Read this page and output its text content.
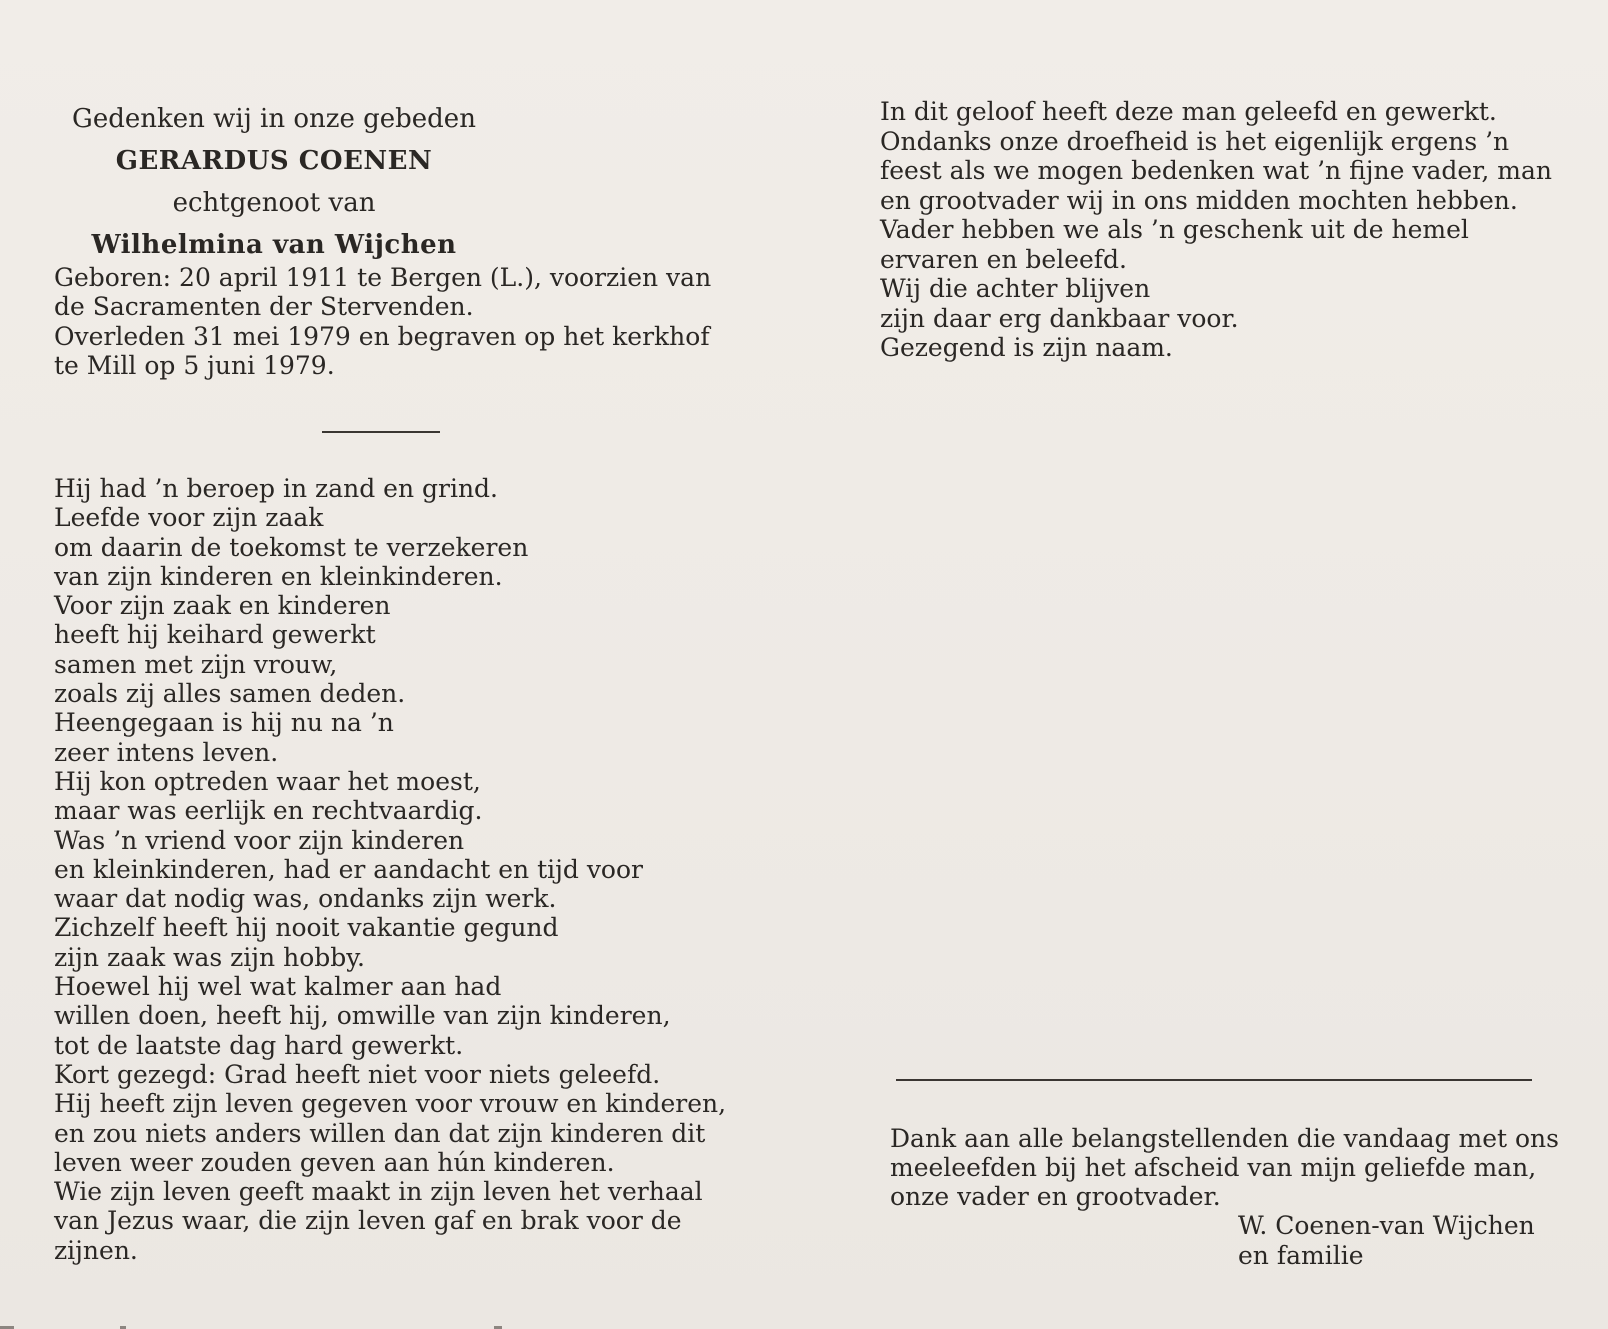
Gedenken wij in onze gebeden
GERARDUS COENEN
echtgenoot van
Wilhelmina van Wijchen
Geboren: 20 april 1911 te Bergen (L.), voorzien van
de Sacramenten der Stervenden.
Overleden 31 mei 1979 en begraven op het kerkhof
te Mill op 5 juni 1979.
Hij had ’n beroep in zand en grind.
Leefde voor zijn zaak
om daarin de toekomst te verzekeren
van zijn kinderen en kleinkinderen.
Voor zijn zaak en kinderen
heeft hij keihard gewerkt
samen met zijn vrouw,
zoals zij alles samen deden.
Heengegaan is hij nu na ’n
zeer intens leven.
Hij kon optreden waar het moest,
maar was eerlijk en rechtvaardig.
Was ’n vriend voor zijn kinderen
en kleinkinderen, had er aandacht en tijd voor
waar dat nodig was, ondanks zijn werk.
Zichzelf heeft hij nooit vakantie gegund
zijn zaak was zijn hobby.
Hoewel hij wel wat kalmer aan had
willen doen, heeft hij, omwille van zijn kinderen,
tot de laatste dag hard gewerkt.
Kort gezegd: Grad heeft niet voor niets geleefd.
Hij heeft zijn leven gegeven voor vrouw en kinderen,
en zou niets anders willen dan dat zijn kinderen dit
leven weer zouden geven aan hún kinderen.
Wie zijn leven geeft maakt in zijn leven het verhaal
van Jezus waar, die zijn leven gaf en brak voor de
zijnen.
In dit geloof heeft deze man geleefd en gewerkt.
Ondanks onze droefheid is het eigenlijk ergens ’n
feest als we mogen bedenken wat ’n fijne vader, man
en grootvader wij in ons midden mochten hebben.
Vader hebben we als ’n geschenk uit de hemel
ervaren en beleefd.
Wij die achter blijven
zijn daar erg dankbaar voor.
Gezegend is zijn naam.
Dank aan alle belangstellenden die vandaag met ons
meeleefden bij het afscheid van mijn geliefde man,
onze vader en grootvader.
W. Coenen-van Wijchen
en familie
